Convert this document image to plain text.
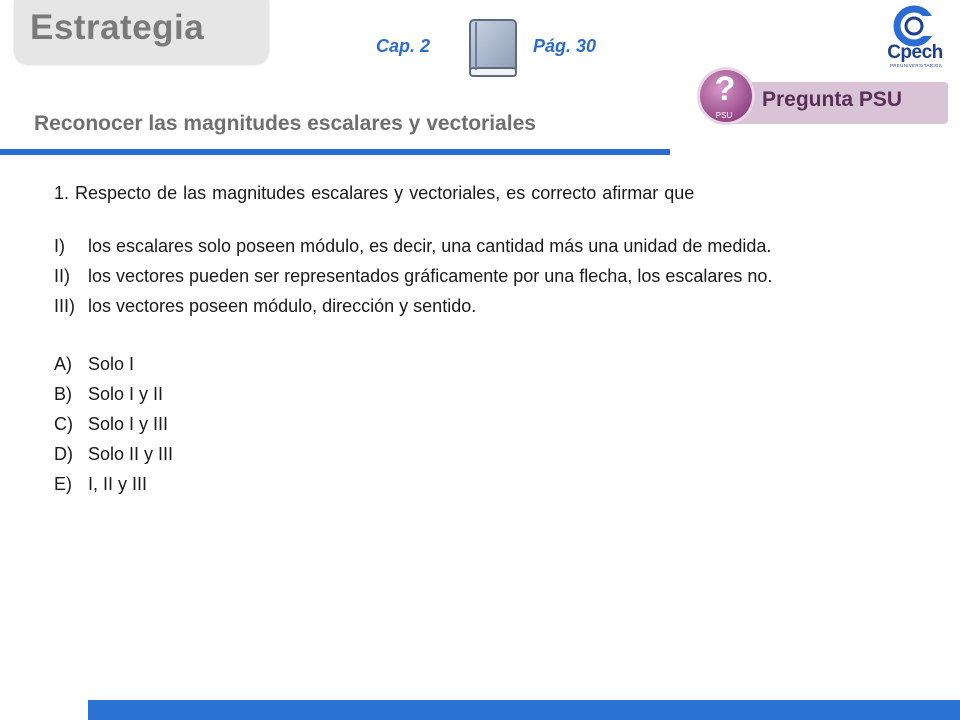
Estrategia	Cap. 2	Pág. 30	Cpech
PREUNIVERSITARIOS
?
PSU
Pregunta PSU
Reconocer las magnitudes escalares y vectoriales
1. Respecto de las magnitudes escalares y vectoriales, es correcto afirmar que
I)	los escalares solo poseen módulo, es decir, una cantidad más una unidad de medida.
II)	los vectores pueden ser representados gráficamente por una flecha, los escalares no.
III) los vectores poseen módulo, dirección y sentido.
A) Solo I
B) Solo I y II
C) Solo I y III
D) Solo II y III
E) I, II y III
